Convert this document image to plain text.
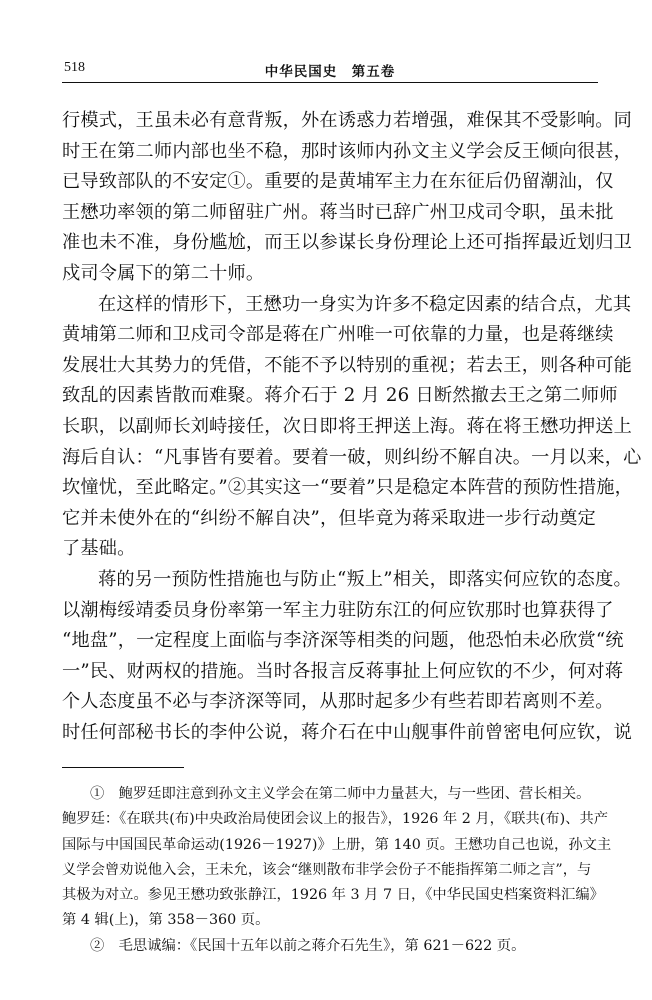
518	中华民国史　第五卷

行模式，王虽未必有意背叛，外在诱惑力若增强，难保其不受影响。同
时王在第二师内部也坐不稳，那时该师内孙文主义学会反王倾向很甚，
已导致部队的不安定①。重要的是黄埔军主力在东征后仍留潮汕，仅
王懋功率领的第二师留驻广州。蒋当时已辞广州卫戍司令职，虽未批
准也未不准，身份尴尬，而王以参谋长身份理论上还可指挥最近划归卫
戍司令属下的第二十师。

在这样的情形下，王懋功一身实为许多不稳定因素的结合点，尤其
黄埔第二师和卫戍司令部是蒋在广州唯一可依靠的力量，也是蒋继续
发展壮大其势力的凭借，不能不予以特别的重视；若去王，则各种可能
致乱的因素皆散而难聚。蒋介石于 2 月 26 日断然撤去王之第二师师
长职，以副师长刘峙接任，次日即将王押送上海。蒋在将王懋功押送上
海后自认：“凡事皆有要着。要着一破，则纠纷不解自决。一月以来，心
坎憧忧，至此略定。”②其实这一“要着”只是稳定本阵营的预防性措施，
它并未使外在的“纠纷不解自决”，但毕竟为蒋采取进一步行动奠定
了基础。

蒋的另一预防性措施也与防止“叛上”相关，即落实何应钦的态度。
以潮梅绥靖委员身份率第一军主力驻防东江的何应钦那时也算获得了
“地盘”，一定程度上面临与李济深等相类的问题，他恐怕未必欣赏“统
一”民、财两权的措施。当时各报言反蒋事扯上何应钦的不少，何对蒋
个人态度虽不必与李济深等同，从那时起多少有些若即若离则不差。
时任何部秘书长的李仲公说，蒋介石在中山舰事件前曾密电何应钦，说

①　鲍罗廷即注意到孙文主义学会在第二师中力量甚大，与一些团、营长相关。
鲍罗廷：《在联共(布)中央政治局使团会议上的报告》，1926 年 2 月，《联共(布)、共产
国际与中国国民革命运动(1926－1927)》上册，第 140 页。王懋功自己也说，孙文主
义学会曾劝说他入会，王未允，该会“继则散布非学会份子不能指挥第二师之言”，与
其极为对立。参见王懋功致张静江，1926 年 3 月 7 日，《中华民国史档案资料汇编》
第 4 辑(上)，第 358－360 页。
②　毛思诚编：《民国十五年以前之蒋介石先生》，第 621－622 页。
